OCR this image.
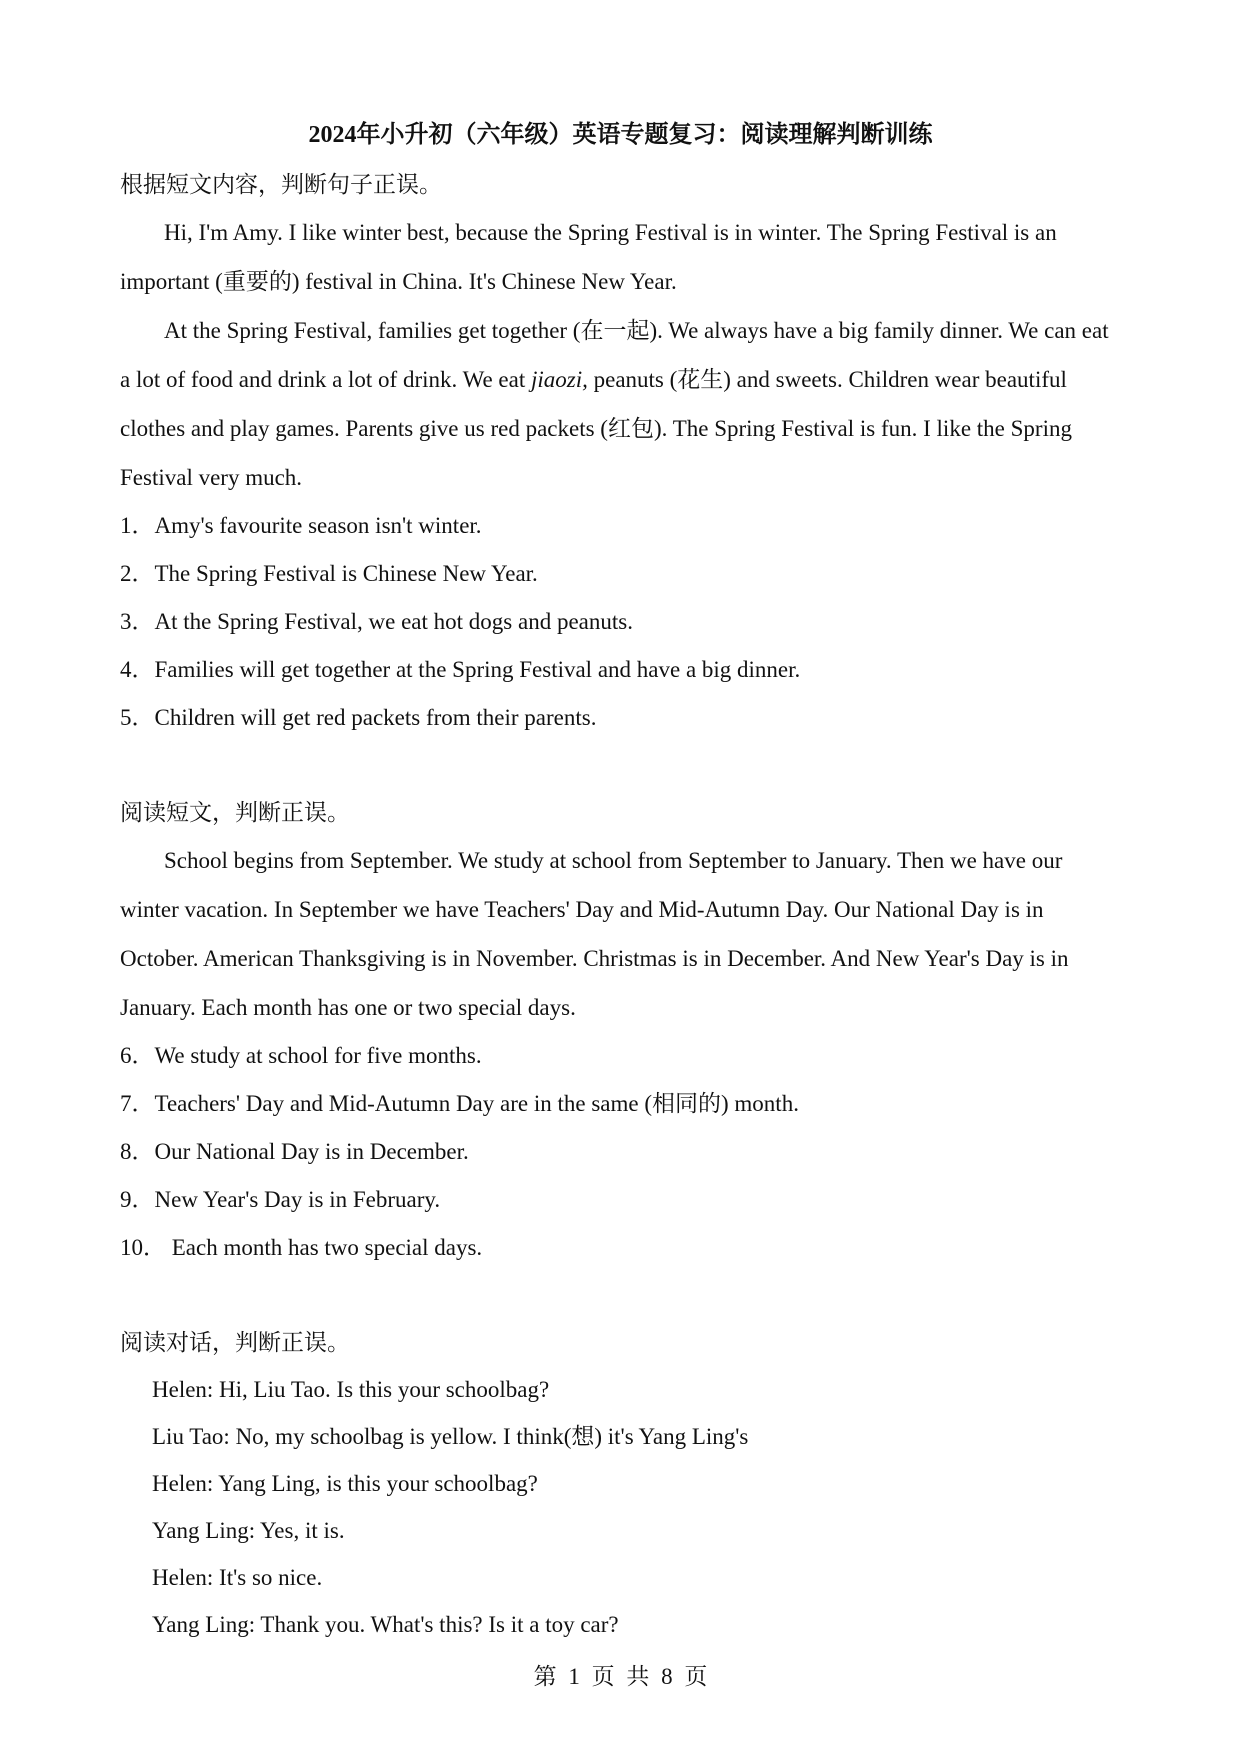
2024年小升初（六年级）英语专题复习：阅读理解判断训练
根据短文内容，判断句子正误。

Hi, I'm Amy. I like winter best, because the Spring Festival is in winter. The Spring Festival is an important (重要的) festival in China. It's Chinese New Year.

At the Spring Festival, families get together (在一起). We always have a big family dinner. We can eat a lot of food and drink a lot of drink. We eat jiaozi, peanuts (花生) and sweets. Children wear beautiful clothes and play games. Parents give us red packets (红包). The Spring Festival is fun. I like the Spring Festival very much.

1．Amy's favourite season isn't winter.
2．The Spring Festival is Chinese New Year.
3．At the Spring Festival, we eat hot dogs and peanuts.
4．Families will get together at the Spring Festival and have a big dinner.
5．Children will get red packets from their parents.
阅读短文，判断正误。

School begins from September. We study at school from September to January. Then we have our winter vacation. In September we have Teachers' Day and Mid-Autumn Day. Our National Day is in October. American Thanksgiving is in November. Christmas is in December. And New Year's Day is in January. Each month has one or two special days.

6．We study at school for five months.
7．Teachers' Day and Mid-Autumn Day are in the same (相同的) month.
8．Our National Day is in December.
9．New Year's Day is in February.
10． Each month has two special days.
阅读对话，判断正误。
Helen: Hi, Liu Tao. Is this your schoolbag?
Liu Tao: No, my schoolbag is yellow. I think(想) it's Yang Ling's
Helen: Yang Ling, is this your schoolbag?
Yang Ling: Yes, it is.
Helen: It's so nice.
Yang Ling: Thank you. What's this? Is it a toy car?
第 1 页 共 8 页
